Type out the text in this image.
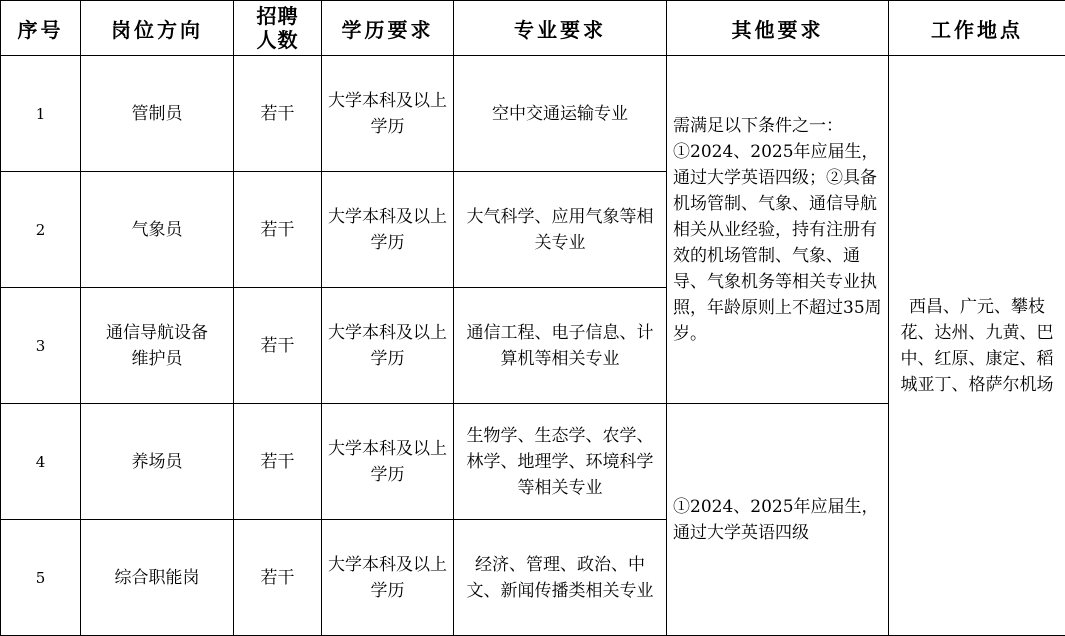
序号	岗位方向	招聘人数	学历要求	专业要求	其他要求	工作地点
1	管制员	若干	大学本科及以上学历	空中交通运输专业	需满足以下条件之一：①2024、2025年应届生，通过大学英语四级；②具备机场管制、气象、通信导航相关从业经验，持有注册有效的机场管制、气象、通导、气象机务等相关专业执照，年龄原则上不超过35周岁。	西昌、广元、攀枝花、达州、九黄、巴中、红原、康定、稻城亚丁、格萨尔机场
2	气象员	若干	大学本科及以上学历	大气科学、应用气象等相关专业		
3	通信导航设备维护员	若干	大学本科及以上学历	通信工程、电子信息、计算机等相关专业		
4	养场员	若干	大学本科及以上学历	生物学、生态学、农学、林学、地理学、环境科学等相关专业	①2024、2025年应届生，通过大学英语四级	
5	综合职能岗	若干	大学本科及以上学历	经济、管理、政治、中文、新闻传播类相关专业		
